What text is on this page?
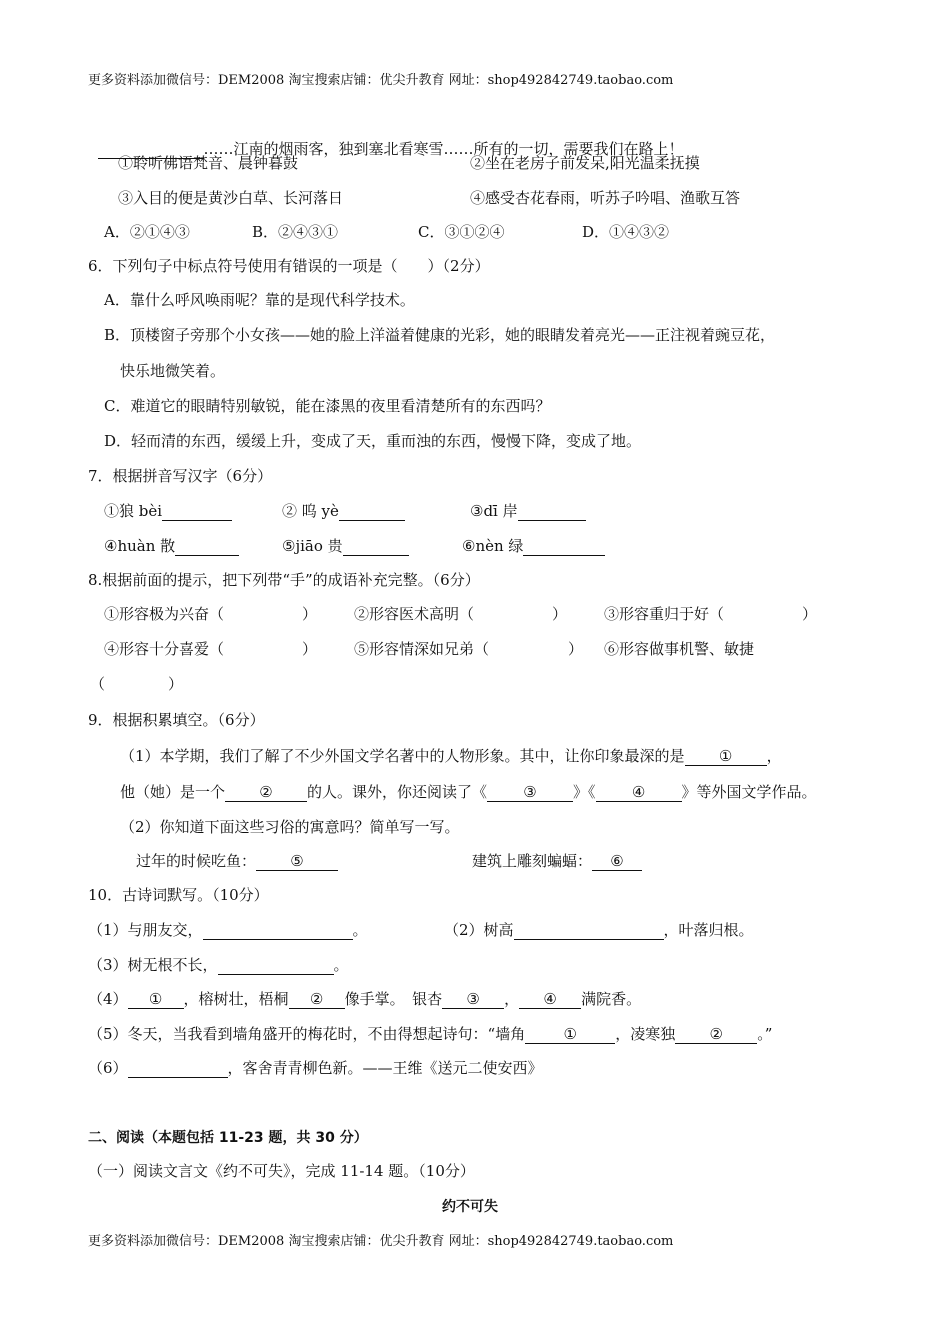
更多资料添加微信号：DEM2008 淘宝搜索店铺：优尖升教育 网址：shop492842749.taobao.com

……江南的烟雨客，独到塞北看寒雪……所有的一切，需要我们在路上！

①聆听佛语梵音、晨钟暮鼓	②坐在老房子前发呆,阳光温柔抚摸
③入目的便是黄沙白草、长河落日	④感受杏花春雨，听苏子吟唱、渔歌互答
A．②①④③	B．②④③①	C．③①②④	D．①④③②
6．下列句子中标点符号使用有错误的一项是（　　）（2分）
A．靠什么呼风唤雨呢？靠的是现代科学技术。
B．顶楼窗子旁那个小女孩——她的脸上洋溢着健康的光彩，她的眼睛发着亮光——正注视着豌豆花，
快乐地微笑着。
C．难道它的眼睛特别敏锐，能在漆黑的夜里看清楚所有的东西吗？
D．轻而清的东西，缓缓上升，变成了天，重而浊的东西，慢慢下降，变成了地。
7．根据拼音写汉字（6分）
①狼 bèi	② 呜 yè	③dī 岸
④huàn 散	⑤jiāo 贵	⑥nèn 绿
8.根据前面的提示，把下列带“手”的成语补充完整。（6分）
①形容极为兴奋（	） ②形容医术高明（	） ③形容重归于好（	）
④形容十分喜爱（	） ⑤形容情深如兄弟（	） ⑥形容做事机警、敏捷
（	）
9．根据积累填空。（6分）
（1）本学期，我们了解了不少外国文学名著中的人物形象。其中，让你印象最深的是 ① ，
他（她）是一个 ② 的人。课外，你还阅读了《 ③ 》《 ④ 》等外国文学作品。
（2）你知道下面这些习俗的寓意吗？简单写一写。
过年的时候吃鱼： ⑤	建筑上雕刻蝙蝠： ⑥
10．古诗词默写。（10分）
（1）与朋友交，	。	（2）树高	，叶落归根。
（3）树无根不长，	。
（4） ① ，榕树壮，梧桐 ② 像手掌。　银杏 ③ ， ④ 满院香。
（5）冬天，当我看到墙角盛开的梅花时，不由得想起诗句：“墙角	①	，凌寒独 ② 。”
（6）	，客舍青青柳色新。——王维《送元二使安西》
二、阅读（本题包括 11-23 题，共 30 分）
（一）阅读文言文《约不可失》，完成 11-14 题。（10分）
约不可失
更多资料添加微信号：DEM2008 淘宝搜索店铺：优尖升教育 网址：shop492842749.taobao.com
